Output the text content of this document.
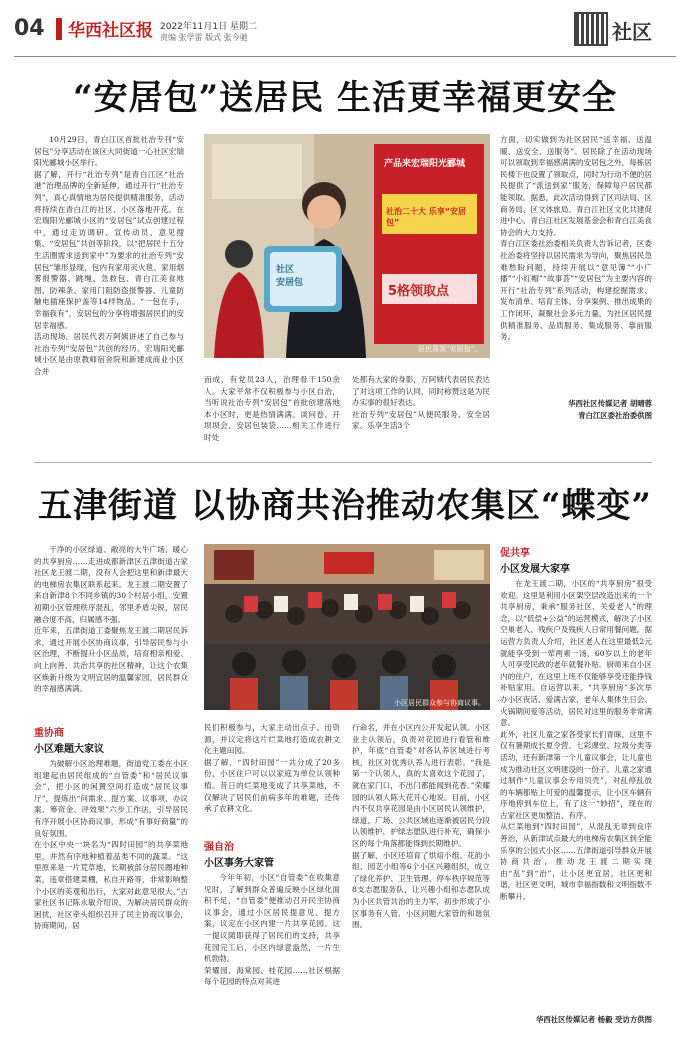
04 华西社区报 2022年11月1日 星期二
责编 张学雷 版式 张今驰	社区
“安居包”送居民 生活更幸福更安全

10月29日，青白江区首批社治专刊“安居包”分享活动在该区大同街道一心社区宏瑞阳光郦城小区举行。
据了解，开行“社治专列”是青白江区“社治港”治理品牌的全新延伸，通过开行“社治专列”，真心真情地为居民提供精准服务，活动将持续在青白江的社区、小区落地开花。在宏瑞阳光郦城小区的“安居包”试点创建过程中，通过走访调研、宣传动员、意见搜集、“安居包”共创等阶段，以“把居民十五分生活圈需求送到家中”为要求的社治专列“安居包”雏形显现，包内有家用灭火毯、家用烟雾报警器、跳绳、急救包、青白江美食地图、防辣条、家用门阻防盗报警器、儿童防触电插座保护盖等14样物品。“一包在手，幸福我有”，安居包的分享将增强居民们的安居幸福感。
活动现场，居民代表万阿姨讲述了自己参与社治专列“安居包”共创的经历。宏瑞阳光郦城小区是由原教师宿舍院和新建成商业小区合并

产品来宏瑞阳光郦城
社治二十大 乐享“安居包”
5格领取点
社区
安居包
居民喜领“安居包”。

而成，有党员23人，治理骨干150余人。大家平常不仅积极参与小区自治，当听说社治专列“安居包”首批创建落地本小区时，更是热情满满。谈问卷、开坝坝会、安居包装袋……相关工作进行时处

处都有大家的身影，万阿姨代表居民表达了对这项工作的认同，同时称赞这是为民办实事的很好表达。
社治专列“安居包”从便民服务、安全居家、乐享生活3个

方面，切实做到为社区居民“送幸福、送温暖、送安全、送服务”。居民除了在活动现场可以领取到幸福感满满的安居包之外，每栋居民楼下也设置了领取点，同时为行动不便的居民提供了“派送到家”服务，保障每户居民都能领取。据悉，此次活动得到了区司法局、区商务局、区文体旅局、青白江社区文化共建促进中心、青白江社区发展基金会和青白江美食协会的大力支持。
青白江区委社治委相关负责人告诉记者，区委社治委将坚持以居民需求为导向，聚焦居民急难愁盼问题，持续开展以“意见簿”“小广播”“小红帽”“故事荟”“安居包”为主要内容的开行“社治专列”系列活动，构建挖掘需求、发布清单、培育主体、分享案例、推出成果的工作闭环，凝聚社会多元力量，为社区居民提供精准服务、品质服务、集成服务、靠前服务。

华西社区传媒记者 胡晴蓉
青白江区委社治委供图
五津街道 以协商共治推动农集区“蝶变”

干净的小区绿道、敞亮的大牛广场，暖心的共享厨房……走进成都新津区五津街道古家社区龙王渡二期，没有人会把这里和新津最大的电梯房农集区联系起来。龙王渡二期安置了来自新津8个不同乡镇的30个村居小组，安置初期小区管理秩序混乱，邻里矛盾尖锐，居民融合度不高，归属感不强。
近年来，五津街道工委聚焦龙王渡二期居民诉求，通过开展小区协商议事，引导居民参与小区治理，不断提升小区品质，培育相亲相爱、向上向善、共治共享的社区精神，让这个农集区焕新升级为文明宜居的温馨家园，居民群众的幸福感满满。

重协商
小区难题大家议

为破解小区治理难题，街道党工委在小区组建起由居民组成的“自管委”和“居民议事会”，把小区的闲置空间打造成“居民议事厅”，提炼出“问需求、提方案、议事项、办议案、筹资金、评效果”六步工作法，引导居民有序开展小区协商议事，形成“有事好商量”的良好氛围。
在小区中央一块名为“四时田园”的共享菜地里，井然有序地种植着品类不同的蔬菜。“这里原来是一片荒草地，长期被部分居民圈地种菜，违章搭建菜棚，私自开路等，非常影响整个小区的美观和出行，大家对此意见很大。”古家社区书记陈永敏介绍说，为解决居民群众的困扰，社区牵头组织召开了民主协商议事会，协商期间，居

小区居民群众参与协商议事。

民们积极参与，大家主动出点子、出资源，并议定将这片烂菜地打造成农耕文化主题田园。
据了解，“四时田园”一共分成了20多份，小区住户可以以家庭为单位认领种植。昔日的烂菜地变成了共享菜地，不仅解决了居民们前病多年的难题，还传承了农耕文化。

强自治
小区事务大家管

今年年初，小区“自管委”在收集意见时，了解到群众普遍反映小区绿化面积不足，“自管委”便推动召开民主协商议事会，通过小区居民提意见、提方案，议定在小区内建一片共享花园。这一提议随即获得了居民们的支持，共享花园完工后，小区内绿意盎然，一片生机勃勃。
荣耀园、海棠园、桂花园……社区根据每个花园的特点对其进

行命名，并在小区内公开发起认领。小区业主认领后，负责对花园进行看管和维护，年底“自管委”对各认养区域进行考核，社区对优秀认养人进行表彰。“我是第一个认领人，真的太喜欢这个花园了，就在家门口，不出门都能闻到花香。”荣耀园的认领人陈大花开心地说。目前，小区内不仅共享花园是由小区居民认领维护，绿道、广场、公共区域也逐渐被居民分段认领维护，护绿志愿队进行补充，确保小区的每个角落都能得到长期维护。
据了解，小区还培育了烘焙小组、花韵小组、园艺小组等6个小区兴趣组织，成立了绿化养护、卫生管理、停车秩序规范等8支志愿服务队，让兴趣小组和志愿队成为小区共管共治的主力军，初步形成了小区事务有人管、小区问题大家管的和谐氛围。

促共享
小区发展大家享

在龙王渡二期，小区的“共享厨房”很受欢迎。这里是利用小区架空层改造出来的一个共享厨房，秉承“服务社区、关爱老人”的理念，以“低偿+公益”的运营模式，解决了小区空巢老人、残疾户及残疾人日常用餐问题。据运营方负责人介绍，社区老人在这里最低2元就能享受到一荤两素一汤，60岁以上的老年人可享受民政的老年就餐补贴。厨师来自小区内的住户，在这里上班不仅能够享受还能挣钱补贴家用。自运营以来，“共享厨房”多次举办小区夜话、爱满古家、老年人集体生日会、火锅期间爱等活动，居民对这里的服务非常满意。
此外，社区儿童之家各受家长们青睐，这里不仅有暑期成长夏令营、七彩课堂、垃圾分类等活动，还有新津第一个儿童议事会，让儿童也成为推动社区文明建设的一份子。儿童之家通过制作“儿童议事会专用贝壳”，对乱停乱放的车辆都贴上可爱的温馨提示，让小区车辆有序地停到车位上，有了这一“妙招”，现在的古家社区更加整洁、有序。
从烂菜地到“四时田园”，从混乱无章到良序善治，从新津试点最大的电梯房农集区到全能乐享的公园式小区……五津街道引导群众开展协商共治，推动龙王渡二期实现由“乱”到“治”，让小区更宜居，社区更和谐，社区更文明，城市幸福指数和文明指数不断攀升。

华西社区传媒记者 杨毅 受访方供图
